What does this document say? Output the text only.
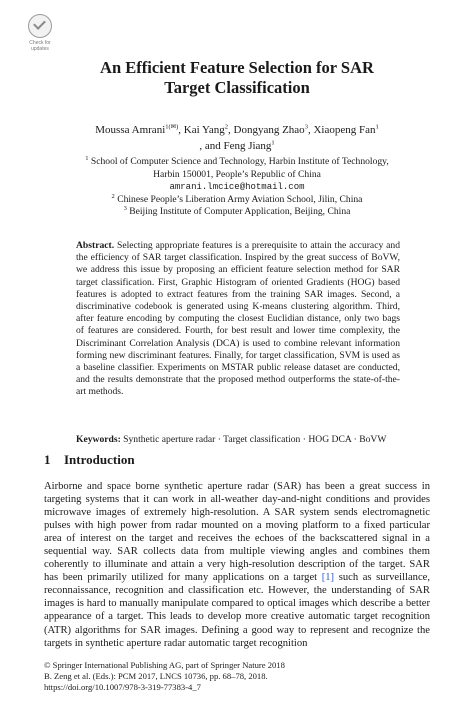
Check for
updates
An Efficient Feature Selection for SAR
Target Classification
Moussa Amrani$^{1(✉)}$, Kai Yang$^2$, Dongyang Zhao$^3$, Xiaopeng Fan$^1$
, and Feng Jiang$^1$
$^1$ School of Computer Science and Technology, Harbin Institute of Technology,
Harbin 150001, People’s Republic of China
amrani.lmcice@hotmail.com
$^2$ Chinese People’s Liberation Army Aviation School, Jilin, China
$^3$ Beijing Institute of Computer Application, Beijing, China

Abstract. Selecting appropriate features is a prerequisite to attain the accuracy and the efficiency of SAR target classification. Inspired by the great success of BoVW, we address this issue by proposing an efficient feature selection method for SAR target classification. First, Graphic Histogram of oriented Gradients (HOG) based features is adopted to extract features from the training SAR images. Second, a discriminative codebook is generated using K-means clustering algorithm. Third, after feature encoding by computing the closest Euclidian distance, only two bags of features are considered. Fourth, for best result and lower time complexity, the Discriminant Correlation Analysis (DCA) is used to combine relevant information forming new discriminant features. Finally, for target classification, SVM is used as a baseline classifier. Experiments on MSTAR public release dataset are conducted, and the results demonstrate that the proposed method outperforms the state-of-the-art methods.

Keywords: Synthetic aperture radar · Target classification · HOG DCA · BoVW

1 Introduction

Airborne and space borne synthetic aperture radar (SAR) has been a great success in targeting systems that it can work in all-weather day-and-night conditions and provides microwave images of extremely high-resolution. A SAR system sends electromagnetic pulses with high power from radar mounted on a moving platform to a fixed particular area of interest on the target and receives the echoes of the backscattered signal in a sequential way. SAR collects data from multiple viewing angles and combines them coherently to illuminate and attain a very high-resolution description of the target. SAR has been primarily utilized for many applications on a target [1] such as surveillance, reconnaissance, recognition and classification etc. However, the understanding of SAR images is hard to manually manipulate compared to optical images which describe a better appearance of a target. This leads to develop more creative automatic target recognition (ATR) algorithms for SAR images. Defining a good way to represent and recognize the targets in synthetic aperture radar automatic target recognition

© Springer International Publishing AG, part of Springer Nature 2018
B. Zeng et al. (Eds.): PCM 2017, LNCS 10736, pp. 68–78, 2018.
https://doi.org/10.1007/978-3-319-77383-4_7
